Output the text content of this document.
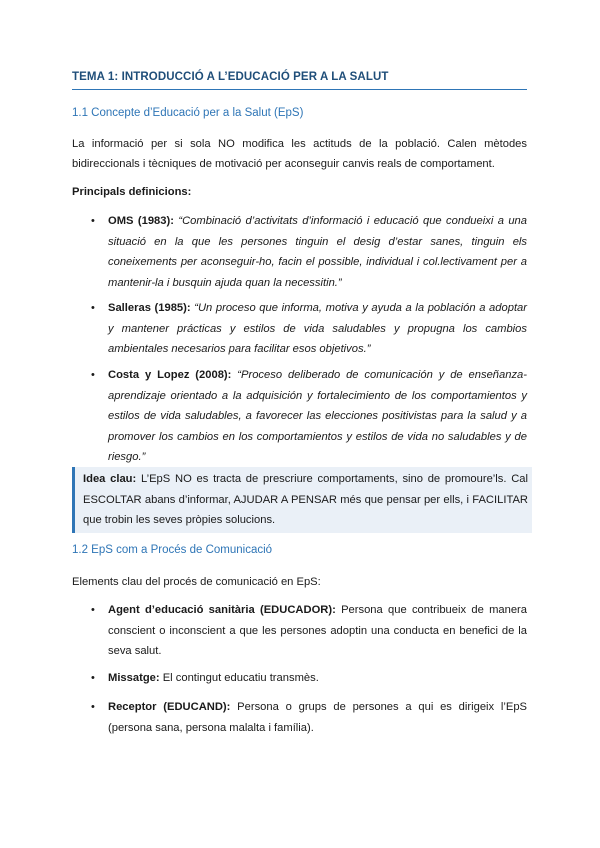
TEMA 1: INTRODUCCIÓ A L’EDUCACIÓ PER A LA SALUT
1.1 Concepte d’Educació per a la Salut (EpS)
La informació per si sola NO modifica les actituds de la població. Calen mètodes bidireccionals i tècniques de motivació per aconseguir canvis reals de comportament.
Principals definicions:
• OMS (1983): “Combinació d’activitats d’informació i educació que condueixi a una situació en la que les persones tinguin el desig d’estar sanes, tinguin els coneixements per aconseguir-ho, facin el possible, individual i col.lectivament per a mantenir-la i busquin ajuda quan la necessitin.”
• Salleras (1985): “Un proceso que informa, motiva y ayuda a la población a adoptar y mantener prácticas y estilos de vida saludables y propugna los cambios ambientales necesarios para facilitar esos objetivos.”
• Costa y Lopez (2008): “Proceso deliberado de comunicación y de enseñanza-aprendizaje orientado a la adquisición y fortalecimiento de los comportamientos y estilos de vida saludables, a favorecer las elecciones positivistas para la salud y a promover los cambios en los comportamientos y estilos de vida no saludables y de riesgo.”
Idea clau: L’EpS NO es tracta de prescriure comportaments, sino de promoure’ls. Cal ESCOLTAR abans d’informar, AJUDAR A PENSAR més que pensar per ells, i FACILITAR que trobin les seves pròpies solucions.
1.2 EpS com a Procés de Comunicació
Elements clau del procés de comunicació en EpS:
• Agent d’educació sanitària (EDUCADOR): Persona que contribueix de manera conscient o inconscient a que les persones adoptin una conducta en benefici de la seva salut.
• Missatge: El contingut educatiu transmès.
• Receptor (EDUCAND): Persona o grups de persones a qui es dirigeix l’EpS (persona sana, persona malalta i família).
